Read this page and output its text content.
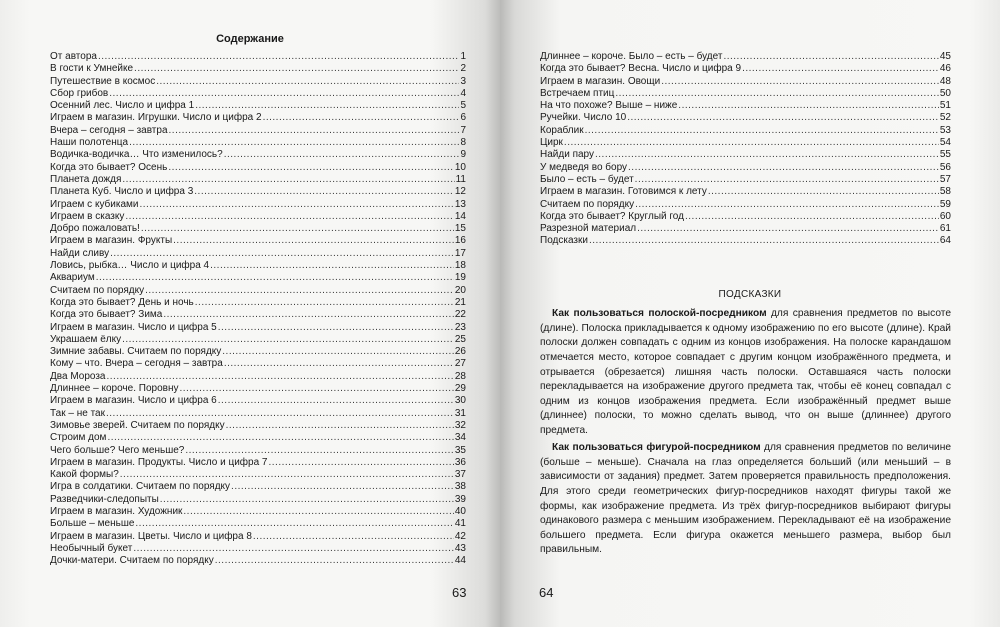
Содержание
От автора .....	1
В гости к Умнейке .....	2
Путешествие в космос .....	3
Сбор грибов .....	4
Осенний лес. Число и цифра 1 .....	5
Играем в магазин. Игрушки. Число и цифра 2 .....	6
Вчера – сегодня – завтра .....	7
Наши полотенца .....	8
Водичка-водичка… Что изменилось? .....	9
Когда это бывает? Осень .....	10
Планета дождя .....	11
Планета Куб. Число и цифра 3 .....	12
Играем с кубиками .....	13
Играем в сказку .....	14
Добро пожаловать! .....	15
Играем в магазин. Фрукты .....	16
Найди сливу .....	17
Ловись, рыбка… Число и цифра 4 .....	18
Аквариум .....	19
Считаем по порядку .....	20
Когда это бывает? День и ночь .....	21
Когда это бывает? Зима .....	22
Играем в магазин. Число и цифра 5 .....	23
Украшаем ёлку .....	25
Зимние забавы. Считаем по порядку .....	26
Кому – что. Вчера – сегодня – завтра .....	27
Два Мороза .....	28
Длиннее – короче. Поровну .....	29
Играем в магазин. Число и цифра 6 .....	30
Так – не так .....	31
Зимовье зверей. Считаем по порядку .....	32
Строим дом .....	34
Чего больше? Чего меньше? .....	35
Играем в магазин. Продукты. Число и цифра 7 .....	36
Какой формы? .....	37
Игра в солдатики. Считаем по порядку .....	38
Разведчики-следопыты .....	39
Играем в магазин. Художник .....	40
Больше – меньше .....	41
Играем в магазин. Цветы. Число и цифра 8 .....	42
Необычный букет .....	43
Дочки-матери. Считаем по порядку .....	44
63
Длиннее – короче. Было – есть – будет .....	45
Когда это бывает? Весна. Число и цифра 9 .....	46
Играем в магазин. Овощи .....	48
Встречаем птиц .....	50
На что похоже? Выше – ниже .....	51
Ручейки. Число 10 .....	52
Кораблик .....	53
Цирк .....	54
Найди пару .....	55
У медведя во бору .....	56
Было – есть – будет .....	57
Играем в магазин. Готовимся к лету .....	58
Считаем по порядку .....	59
Когда это бывает? Круглый год .....	60
Разрезной материал .....	61
Подсказки .....	64
ПОДСКАЗКИ

Как пользоваться полоской-посредником для сравнения предметов по высоте (длине). Полоска прикладывается к одному изображению по его высоте (длине). Край полоски должен совпадать с одним из концов изображения. На полоске карандашом отмечается место, которое совпадает с другим концом изображённого предмета, и отрывается (обрезается) лишняя часть полоски. Оставшаяся часть полоски перекладывается на изображение другого предмета так, чтобы её конец совпадал с одним из концов изображения предмета. Если изображённый предмет выше (длиннее) полоски, то можно сделать вывод, что он выше (длиннее) другого предмета.

Как пользоваться фигурой-посредником для сравнения предметов по величине (больше – меньше). Сначала на глаз определяется больший (или меньший – в зависимости от задания) предмет. Затем проверяется правильность предположения. Для этого среди геометрических фигур-посредников находят фигуры такой же формы, как изображение предмета. Из трёх фигур-посредников выбирают фигуры одинакового размера с меньшим изображением. Перекладывают её на изображение большего предмета. Если фигура окажется меньшего размера, выбор был правильным.

64
